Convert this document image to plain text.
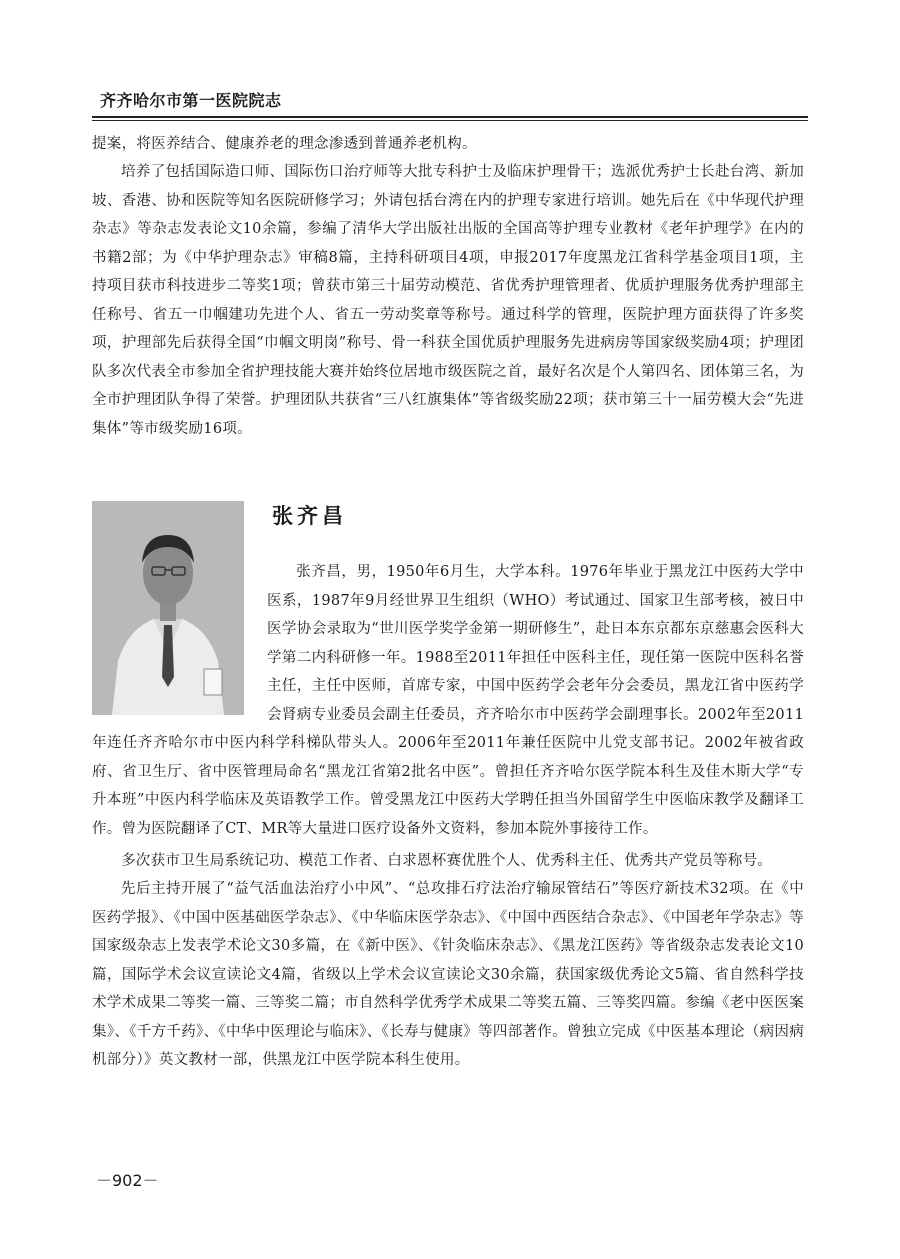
齐齐哈尔市第一医院院志

提案，将医养结合、健康养老的理念渗透到普通养老机构。

培养了包括国际造口师、国际伤口治疗师等大批专科护士及临床护理骨干；选派优秀护士长赴台湾、新加坡、香港、协和医院等知名医院研修学习；外请包括台湾在内的护理专家进行培训。她先后在《中华现代护理杂志》等杂志发表论文10余篇，参编了清华大学出版社出版的全国高等护理专业教材《老年护理学》在内的书籍2部；为《中华护理杂志》审稿8篇，主持科研项目4项，申报2017年度黑龙江省科学基金项目1项，主持项目获市科技进步二等奖1项；曾获市第三十届劳动模范、省优秀护理管理者、优质护理服务优秀护理部主任称号、省五一巾帼建功先进个人、省五一劳动奖章等称号。通过科学的管理，医院护理方面获得了许多奖项，护理部先后获得全国“巾帼文明岗”称号、骨一科获全国优质护理服务先进病房等国家级奖励4项；护理团队多次代表全市参加全省护理技能大赛并始终位居地市级医院之首，最好名次是个人第四名、团体第三名，为全市护理团队争得了荣誉。护理团队共获省“三八红旗集体”等省级奖励22项；获市第三十一届劳模大会“先进集体”等市级奖励16项。

张齐昌
张齐昌，男，1950年6月生，大学本科。1976年毕业于黑龙江中医药大学中医系，1987年9月经世界卫生组织（WHO）考试通过、国家卫生部考核，被日中医学协会录取为“世川医学奖学金第一期研修生”，赴日本东京都东京慈惠会医科大学第二内科研修一年。1988至2011年担任中医科主任，现任第一医院中医科名誉主任，主任中医师，首席专家，中国中医药学会老年分会委员，黑龙江省中医药学会肾病专业委员会副主任委员，齐齐哈尔市中医药学会副理事长。2002年至2011年连任齐齐哈尔市中医内科学科梯队带头人。2006年至2011年兼任医院中儿党支部书记。2002年被省政府、省卫生厅、省中医管理局命名“黑龙江省第2批名中医”。曾担任齐齐哈尔医学院本科生及佳木斯大学“专升本班”中医内科学临床及英语教学工作。曾受黑龙江中医药大学聘任担当外国留学生中医临床教学及翻译工作。曾为医院翻译了CT、MR等大量进口医疗设备外文资料，参加本院外事接待工作。

多次获市卫生局系统记功、模范工作者、白求恩杯赛优胜个人、优秀科主任、优秀共产党员等称号。

先后主持开展了“益气活血法治疗小中风”、“总攻排石疗法治疗输尿管结石”等医疗新技术32项。在《中医药学报》、《中国中医基础医学杂志》、《中华临床医学杂志》、《中国中西医结合杂志》、《中国老年学杂志》等国家级杂志上发表学术论文30多篇，在《新中医》、《针灸临床杂志》、《黑龙江医药》等省级杂志发表论文10篇，国际学术会议宣读论文4篇，省级以上学术会议宣读论文30余篇，获国家级优秀论文5篇、省自然科学技术学术成果二等奖一篇、三等奖二篇；市自然科学优秀学术成果二等奖五篇、三等奖四篇。参编《老中医医案集》、《千方千药》、《中华中医理论与临床》、《长寿与健康》等四部著作。曾独立完成《中医基本理论（病因病机部分）》英文教材一部，供黑龙江中医学院本科生使用。

－902－
